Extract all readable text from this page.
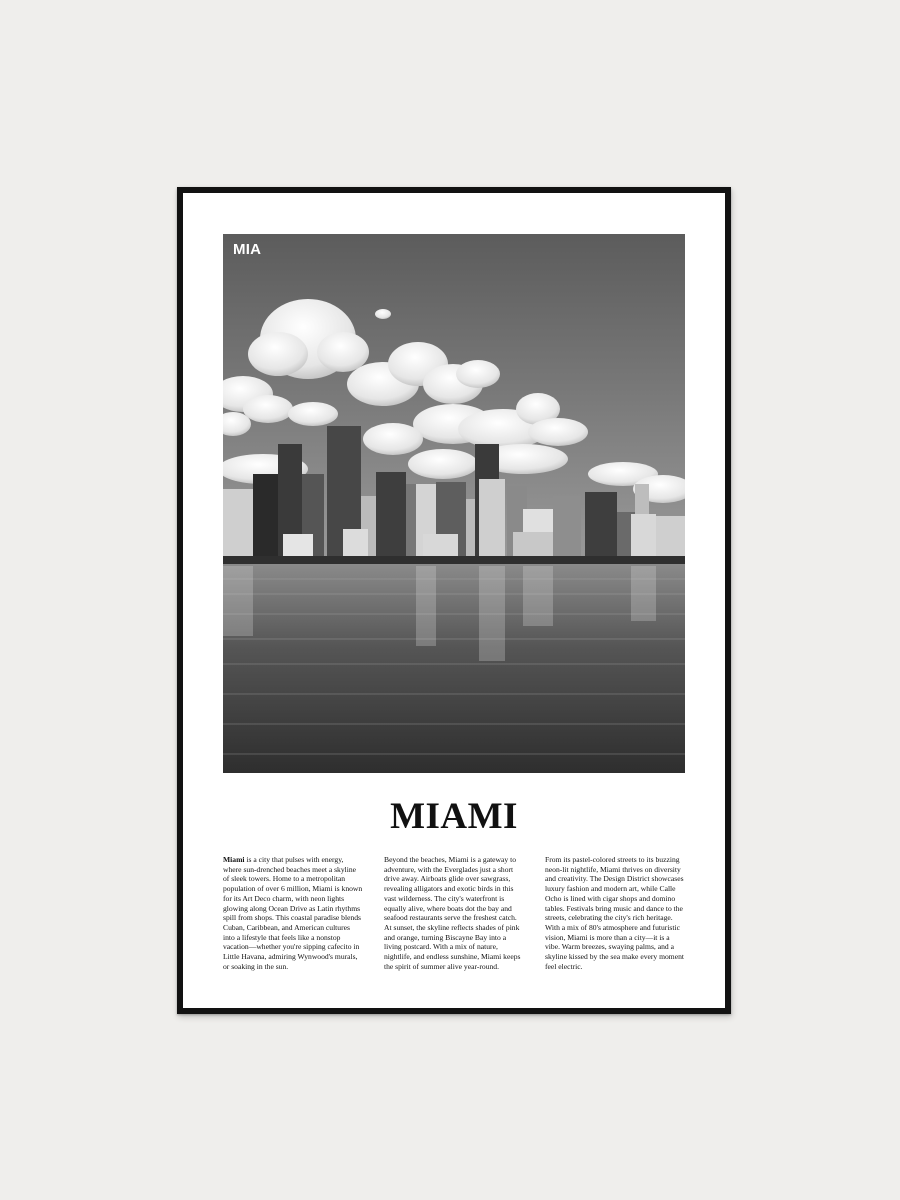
MIA
MIAMI
Miami is a city that pulses with energy, where sun-drenched beaches meet a skyline of sleek towers. Home to a metropolitan population of over 6 million, Miami is known for its Art Deco charm, with neon lights glowing along Ocean Drive as Latin rhythms spill from shops. This coastal paradise blends Cuban, Caribbean, and American cultures into a lifestyle that feels like a nonstop vacation—whether you're sipping cafecito in Little Havana, admiring Wynwood's murals, or soaking in the sun.
Beyond the beaches, Miami is a gateway to adventure, with the Everglades just a short drive away. Airboats glide over sawgrass, revealing alligators and exotic birds in this vast wilderness. The city's waterfront is equally alive, where boats dot the bay and seafood restaurants serve the freshest catch. At sunset, the skyline reflects shades of pink and orange, turning Biscayne Bay into a living postcard. With a mix of nature, nightlife, and endless sunshine, Miami keeps the spirit of summer alive year-round.
From its pastel-colored streets to its buzzing neon-lit nightlife, Miami thrives on diversity and creativity. The Design District showcases luxury fashion and modern art, while Calle Ocho is lined with cigar shops and domino tables. Festivals bring music and dance to the streets, celebrating the city's rich heritage. With a mix of 80's atmosphere and futuristic vision, Miami is more than a city—it is a vibe. Warm breezes, swaying palms, and a skyline kissed by the sea make every moment feel electric.
